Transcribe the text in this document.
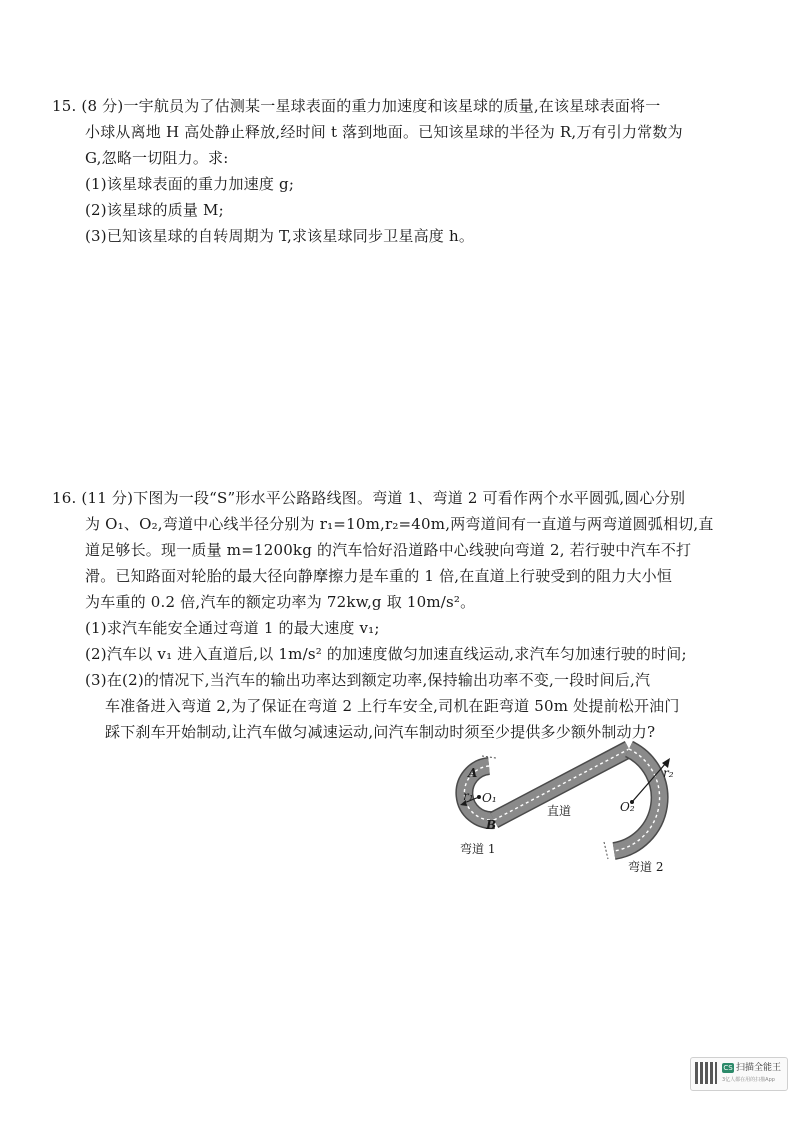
15. (8 分)一宇航员为了估测某一星球表面的重力加速度和该星球的质量,在该星球表面将一
小球从离地 H 高处静止释放,经时间 t 落到地面。已知该星球的半径为 R,万有引力常数为
G,忽略一切阻力。求:
(1)该星球表面的重力加速度 g;
(2)该星球的质量 M;
(3)已知该星球的自转周期为 T,求该星球同步卫星高度 h。
16. (11 分)下图为一段“S”形水平公路路线图。弯道 1、弯道 2 可看作两个水平圆弧,圆心分别
为 O₁、O₂,弯道中心线半径分别为 r₁=10m,r₂=40m,两弯道间有一直道与两弯道圆弧相切,直
道足够长。现一质量 m=1200kg 的汽车恰好沿道路中心线驶向弯道 2, 若行驶中汽车不打
滑。已知路面对轮胎的最大径向静摩擦力是车重的 1 倍,在直道上行驶受到的阻力大小恒
为车重的 0.2 倍,汽车的额定功率为 72kw,g 取 10m/s²。
(1)求汽车能安全通过弯道 1 的最大速度 v₁;
(2)汽车以 v₁ 进入直道后,以 1m/s² 的加速度做匀加速直线运动,求汽车匀加速行驶的时间;
(3)在(2)的情况下,当汽车的输出功率达到额定功率,保持输出功率不变,一段时间后,汽
车准备进入弯道 2,为了保证在弯道 2 上行车安全,司机在距弯道 50m 处提前松开油门
踩下刹车开始制动,让汽车做匀减速运动,问汽车制动时须至少提供多少额外制动力?
A
B
r₁ O₁
r₂
O₂
直道
弯道 1
弯道 2
CS 扫描全能王
3亿人都在用的扫描App
